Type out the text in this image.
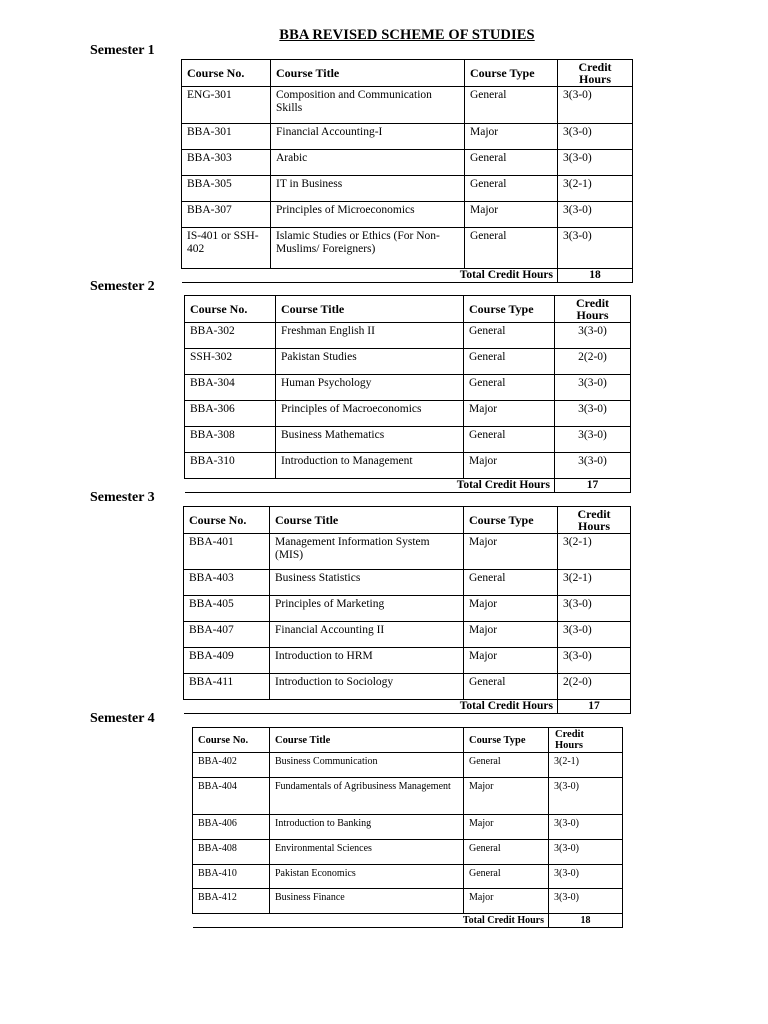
BBA REVISED SCHEME OF STUDIES
Semester 1
Course No.	Course Title	Course Type	Credit
Hours
ENG-301	Composition and Communication Skills	General	3(3-0)
BBA-301	Financial Accounting-I	Major	3(3-0)
BBA-303	Arabic	General	3(3-0)
BBA-305	IT in Business	General	3(2-1)
BBA-307	Principles of Microeconomics	Major	3(3-0)
IS-401 or SSH-402	Islamic Studies or Ethics (For Non-Muslims/ Foreigners)	General	3(3-0)
Total Credit Hours			18
Semester 2
Course No.	Course Title	Course Type	Credit
Hours
BBA-302	Freshman English II	General	3(3-0)
SSH-302	Pakistan Studies	General	2(2-0)
BBA-304	Human Psychology	General	3(3-0)
BBA-306	Principles of Macroeconomics	Major	3(3-0)
BBA-308	Business Mathematics	General	3(3-0)
BBA-310	Introduction to Management	Major	3(3-0)
Total Credit Hours			17
Semester 3
Course No.	Course Title	Course Type	Credit
Hours
BBA-401	Management Information System (MIS)	Major	3(2-1)
BBA-403	Business Statistics	General	3(2-1)
BBA-405	Principles of Marketing	Major	3(3-0)
BBA-407	Financial Accounting II	Major	3(3-0)
BBA-409	Introduction to HRM	Major	3(3-0)
BBA-411	Introduction to Sociology	General	2(2-0)
Total Credit Hours			17
Semester 4
Course No.	Course Title	Course Type	Credit
Hours
BBA-402	Business Communication	General	3(2-1)
BBA-404	Fundamentals of Agribusiness Management	Major	3(3-0)
BBA-406	Introduction to Banking	Major	3(3-0)
BBA-408	Environmental Sciences	General	3(3-0)
BBA-410	Pakistan Economics	General	3(3-0)
BBA-412	Business Finance	Major	3(3-0)
Total Credit Hours			18
